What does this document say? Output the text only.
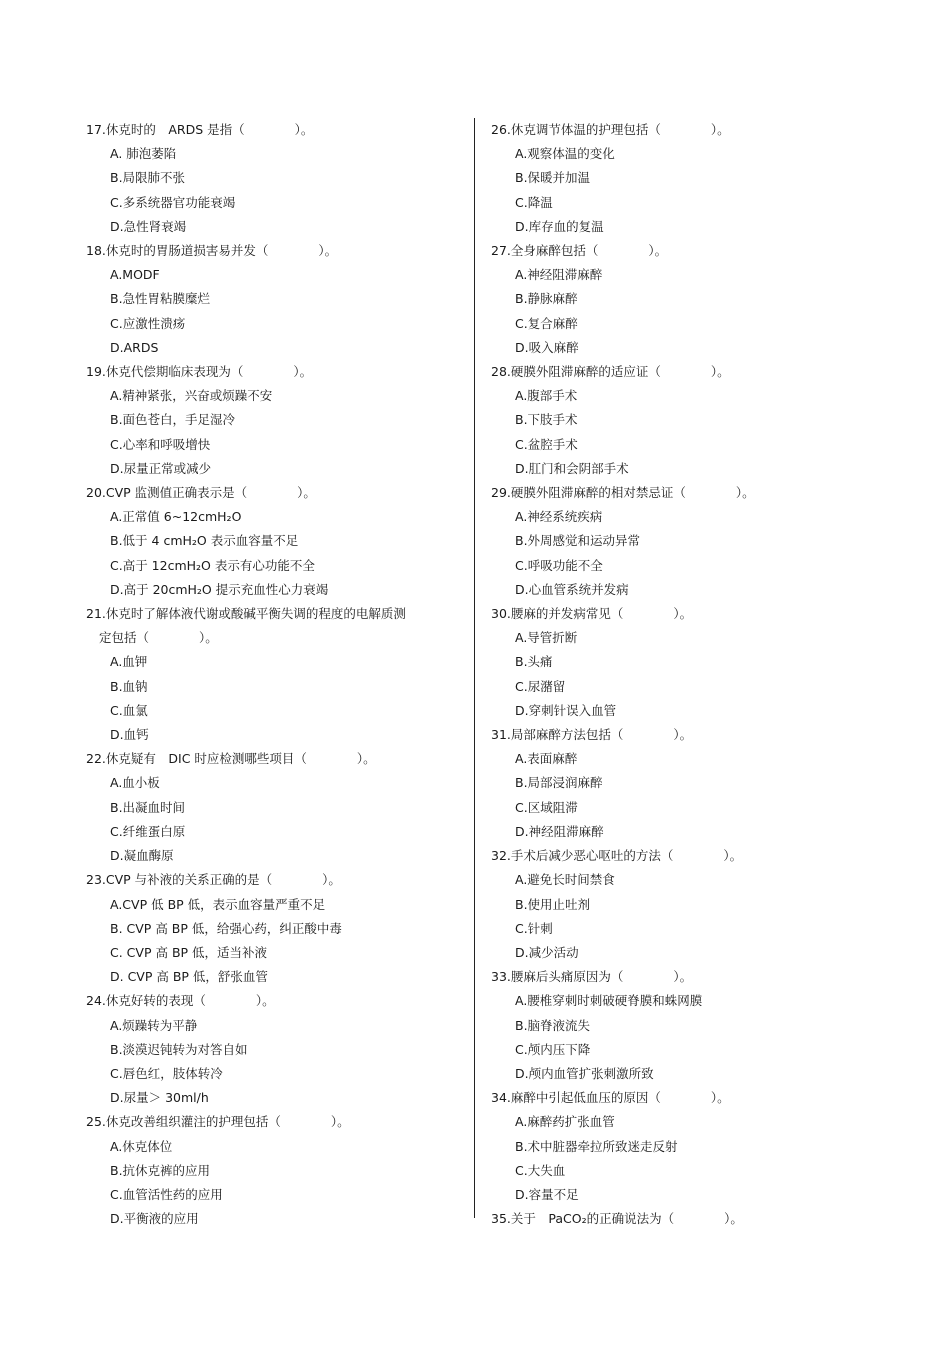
17.休克时的　ARDS 是指（　　　　）。
A. 肺泡萎陷
B.局限肺不张
C.多系统器官功能衰竭
D.急性肾衰竭
18.休克时的胃肠道损害易并发（　　　　）。
A.MODF
B.急性胃粘膜糜烂
C.应激性溃疡
D.ARDS
19.休克代偿期临床表现为（　　　　）。
A.精神紧张，兴奋或烦躁不安
B.面色苍白，手足湿冷
C.心率和呼吸增快
D.尿量正常或减少
20.CVP 监测值正确表示是（　　　　）。
A.正常值 6~12cmH₂O
B.低于 4 cmH₂O 表示血容量不足
C.高于 12cmH₂O 表示有心功能不全
D.高于 20cmH₂O 提示充血性心力衰竭
21.休克时了解体液代谢或酸碱平衡失调的程度的电解质测
定包括（　　　　）。
A.血钾
B.血钠
C.血氯
D.血钙
22.休克疑有　DIC 时应检测哪些项目（　　　　）。
A.血小板
B.出凝血时间
C.纤维蛋白原
D.凝血酶原
23.CVP 与补液的关系正确的是（　　　　）。
A.CVP 低 BP 低，表示血容量严重不足
B. CVP 高 BP 低，给强心药，纠正酸中毒
C. CVP 高 BP 低，适当补液
D. CVP 高 BP 低，舒张血管
24.休克好转的表现（　　　　）。
A.烦躁转为平静
B.淡漠迟钝转为对答自如
C.唇色红，肢体转冷
D.尿量＞ 30ml/h
25.休克改善组织灌注的护理包括（　　　　）。
A.休克体位
B.抗休克裤的应用
C.血管活性药的应用
D.平衡液的应用
26.休克调节体温的护理包括（　　　　）。
A.观察体温的变化
B.保暖并加温
C.降温
D.库存血的复温
27.全身麻醉包括（　　　　）。
A.神经阻滞麻醉
B.静脉麻醉
C.复合麻醉
D.吸入麻醉
28.硬膜外阻滞麻醉的适应证（　　　　）。
A.腹部手术
B.下肢手术
C.盆腔手术
D.肛门和会阴部手术
29.硬膜外阻滞麻醉的相对禁忌证（　　　　）。
A.神经系统疾病
B.外周感觉和运动异常
C.呼吸功能不全
D.心血管系统并发病
30.腰麻的并发病常见（　　　　）。
A.导管折断
B.头痛
C.尿潴留
D.穿刺针误入血管
31.局部麻醉方法包括（　　　　）。
A.表面麻醉
B.局部浸润麻醉
C.区域阻滞
D.神经阻滞麻醉
32.手术后减少恶心呕吐的方法（　　　　）。
A.避免长时间禁食
B.使用止吐剂
C.针刺
D.减少活动
33.腰麻后头痛原因为（　　　　）。
A.腰椎穿刺时刺破硬脊膜和蛛网膜
B.脑脊液流失
C.颅内压下降
D.颅内血管扩张刺激所致
34.麻醉中引起低血压的原因（　　　　）。
A.麻醉药扩张血管
B.术中脏器牵拉所致迷走反射
C.大失血
D.容量不足
35.关于　PaCO₂的正确说法为（　　　　）。
